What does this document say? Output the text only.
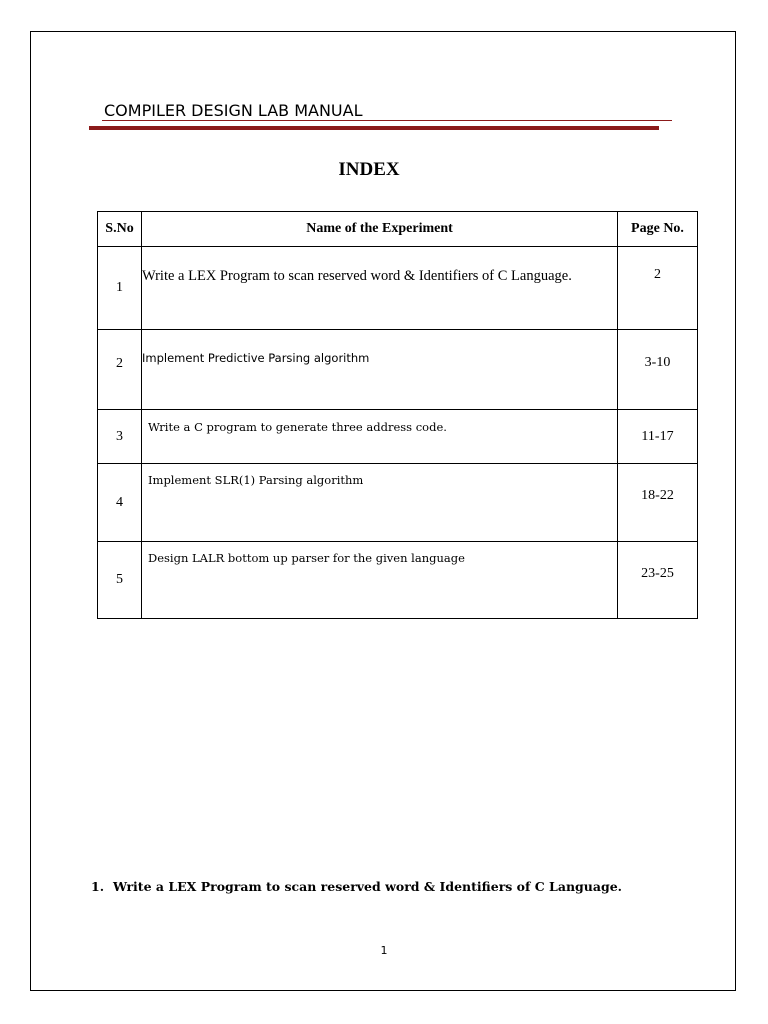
COMPILER DESIGN LAB MANUAL
INDEX
S.No	Name of the Experiment	Page No.
1	Write a LEX Program to scan reserved word & Identifiers of C Language.	2
2	Implement Predictive Parsing algorithm	3-10
3	Write a C program to generate three address code.	11-17
4	Implement SLR(1) Parsing algorithm	18-22
5	Design LALR bottom up parser for the given language	23-25
1. Write a LEX Program to scan reserved word & Identifiers of C Language.
1
